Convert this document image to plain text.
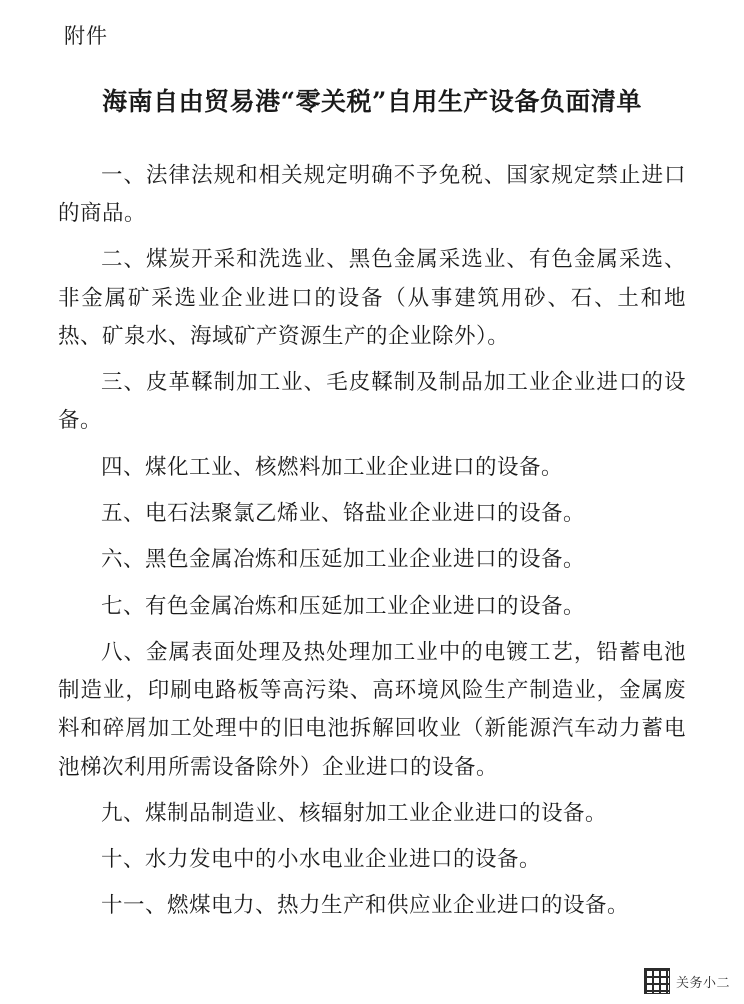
附件
海南自由贸易港“零关税”自用生产设备负面清单

一、法律法规和相关规定明确不予免税、国家规定禁止进口的商品。

二、煤炭开采和洗选业、黑色金属采选业、有色金属采选、非金属矿采选业企业进口的设备（从事建筑用砂、石、土和地热、矿泉水、海域矿产资源生产的企业除外）。

三、皮革鞣制加工业、毛皮鞣制及制品加工业企业进口的设备。

四、煤化工业、核燃料加工业企业进口的设备。

五、电石法聚氯乙烯业、铬盐业企业进口的设备。

六、黑色金属冶炼和压延加工业企业进口的设备。

七、有色金属冶炼和压延加工业企业进口的设备。

八、金属表面处理及热处理加工业中的电镀工艺，铅蓄电池制造业，印刷电路板等高污染、高环境风险生产制造业，金属废料和碎屑加工处理中的旧电池拆解回收业（新能源汽车动力蓄电池梯次利用所需设备除外）企业进口的设备。

九、煤制品制造业、核辐射加工业企业进口的设备。

十、水力发电中的小水电业企业进口的设备。

十一、燃煤电力、热力生产和供应业企业进口的设备。

关务小二
